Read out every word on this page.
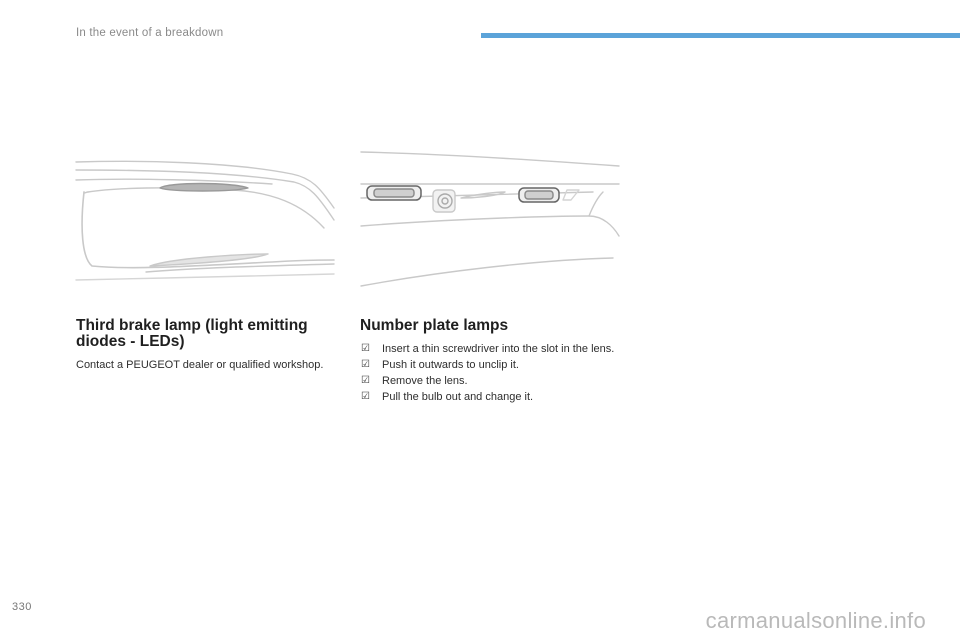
In the event of a breakdown
Third brake lamp (light emitting diodes - LEDs)
Contact a PEUGEOT dealer or qualified workshop.
Number plate lamps
☑ Insert a thin screwdriver into the slot in the lens.
☑ Push it outwards to unclip it.
☑ Remove the lens.
☑ Pull the bulb out and change it.
330
carmanualsonline.info
